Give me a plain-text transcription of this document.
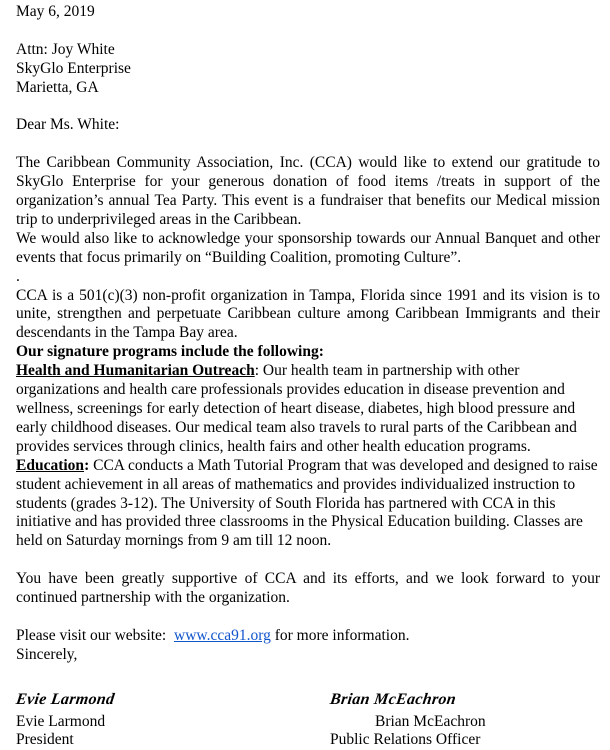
May 6, 2019

Attn: Joy White

SkyGlo Enterprise

Marietta, GA

Dear Ms. White:

The Caribbean Community Association, Inc. (CCA) would like to extend our gratitude to SkyGlo Enterprise for your generous donation of food items /treats in support of the organization’s annual Tea Party. This event is a fundraiser that benefits our Medical mission trip to underprivileged areas in the Caribbean.

We would also like to acknowledge your sponsorship towards our Annual Banquet and other events that focus primarily on “Building Coalition, promoting Culture”.

.

CCA is a 501(c)(3) non-profit organization in Tampa, Florida since 1991 and its vision is to unite, strengthen and perpetuate Caribbean culture among Caribbean Immigrants and their descendants in the Tampa Bay area.

Our signature programs include the following:

Health and Humanitarian Outreach: Our health team in partnership with other organizations and health care professionals provides education in disease prevention and wellness, screenings for early detection of heart disease, diabetes, high blood pressure and early childhood diseases. Our medical team also travels to rural parts of the Caribbean and provides services through clinics, health fairs and other health education programs.

Education: CCA conducts a Math Tutorial Program that was developed and designed to raise student achievement in all areas of mathematics and provides individualized instruction to students (grades 3-12). The University of South Florida has partnered with CCA in this initiative and has provided three classrooms in the Physical Education building. Classes are held on Saturday mornings from 9 am till 12 noon.

You have been greatly supportive of CCA and its efforts, and we look forward to your continued partnership with the organization.

Please visit our website:  www.cca91.org for more information.

Sincerely,

Evie Larmond	Brian McEachron
Evie Larmond	Brian McEachron
President	Public Relations Officer
